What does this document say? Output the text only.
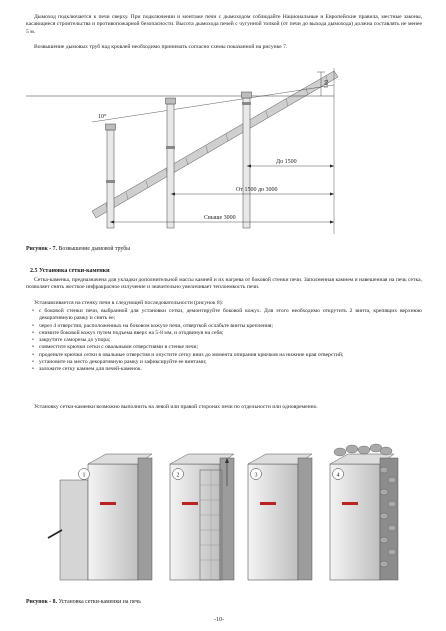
Дымоход подключается к печи сверху. При подключении и монтаже печи с дымоходом соблюдайте Национальные и Европейские правила, местные законы, касающиеся строительства и противопожарной безопасности. Высота дымохода печей с чугунной топкой (от печи до выхода дымохода) должна составлять не менее 5 м.
Возвышение дымовых труб над кровлей необходимо принимать согласно схемы показанной на рисунке 7.
10°
500
До 1500
От 1500 до 3000
Свыше 3000
Рисунок - 7. Возвышение дымовой трубы
2.5 Установка сетки-каменки
Сетка-каменка, предназначена для укладки дополнительной массы камней и их нагрева от боковой стенки печи. Заполненная камнем и навешенная на печь сетка, позволяет снять жесткое инфракрасное излучение и значительно увеличивает теплоемкость печи.
Устанавливается на стенку печи в следующей последовательности (рисунок 8):
• с боковой стенки печи, выбранной для установки сетки, демонтируйте боковой кожух. Для этого необходимо открутить 2 винта, крепящих верхнюю декоративную рамку и снять ее;
• через 4 отверстия, расположенных на боковом кожухе печи, отверткой ослабьте винты крепления;
• снимите боковой кожух путем подъема вверх на 5-8 мм, и отодвинув на себя;
• закрутите саморезы до упора;
• совместите крючки сетки с овальными отверстиями в стенке печи;
• проденьте крючки сетки в овальные отверстия и опустите сетку вниз до момента опирания крючков на нижние края отверстий;
• установите на место декоративную рамку и зафиксируйте ее винтами;
• заложите сетку камнем для печей-каменок.
Установку сетки-каменки возможно выполнить на левой или правой сторонах печи по отдельности или одновременно.
1	2	3	4
Рисунок - 8. Установка сетки-каменки на печь
-10-
